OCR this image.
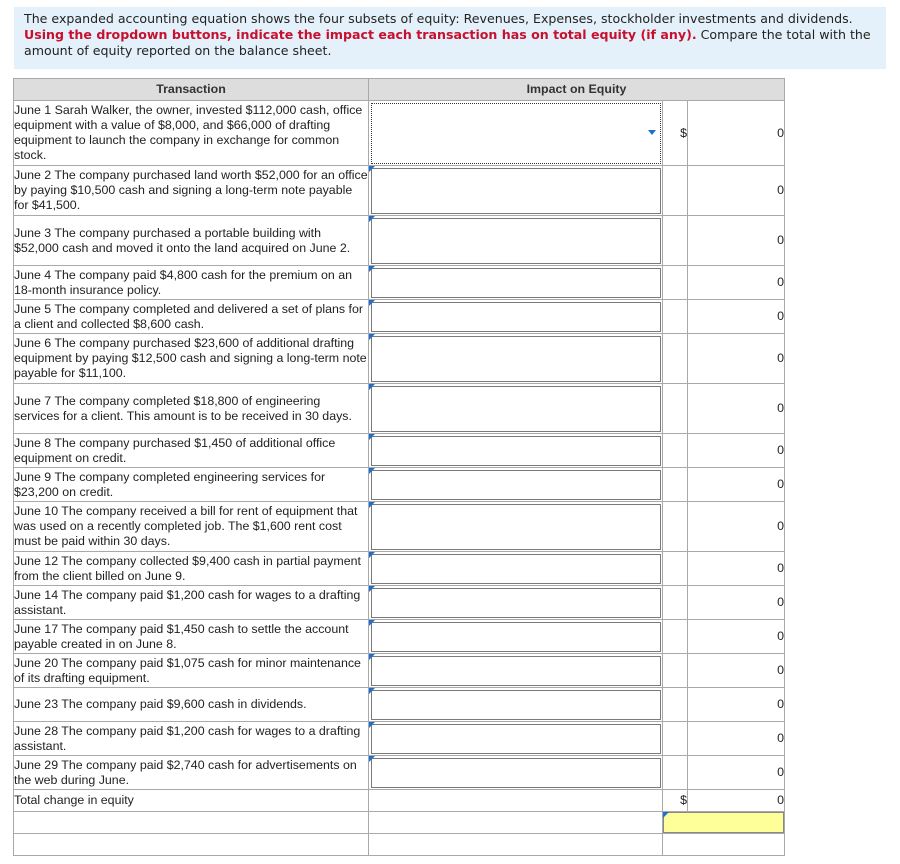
The expanded accounting equation shows the four subsets of equity: Revenues, Expenses, stockholder investments and dividends. Using the dropdown buttons, indicate the impact each transaction has on total equity (if any). Compare the total with the amount of equity reported on the balance sheet.
Transaction	Impact on Equity		
June 1 Sarah Walker, the owner, invested $112,000 cash, office equipment with a value of $8,000, and $66,000 of drafting equipment to launch the company in exchange for common stock.		$	0
June 2 The company purchased land worth $52,000 for an office by paying $10,500 cash and signing a long-term note payable for $41,500.			0
June 3 The company purchased a portable building with $52,000 cash and moved it onto the land acquired on June 2.			0
June 4 The company paid $4,800 cash for the premium on an 18-month insurance policy.			0
June 5 The company completed and delivered a set of plans for a client and collected $8,600 cash.			0
June 6 The company purchased $23,600 of additional drafting equipment by paying $12,500 cash and signing a long-term note payable for $11,100.			0
June 7 The company completed $18,800 of engineering services for a client. This amount is to be received in 30 days.			0
June 8 The company purchased $1,450 of additional office equipment on credit.			0
June 9 The company completed engineering services for $23,200 on credit.			0
June 10 The company received a bill for rent of equipment that was used on a recently completed job. The $1,600 rent cost must be paid within 30 days.			0
June 12 The company collected $9,400 cash in partial payment from the client billed on June 9.			0
June 14 The company paid $1,200 cash for wages to a drafting assistant.			0
June 17 The company paid $1,450 cash to settle the account payable created in on June 8.			0
June 20 The company paid $1,075 cash for minor maintenance of its drafting equipment.			0
June 23 The company paid $9,600 cash in dividends.			0
June 28 The company paid $1,200 cash for wages to a drafting assistant.			0
June 29 The company paid $2,740 cash for advertisements on the web during June.			0
Total change in equity		$	0
